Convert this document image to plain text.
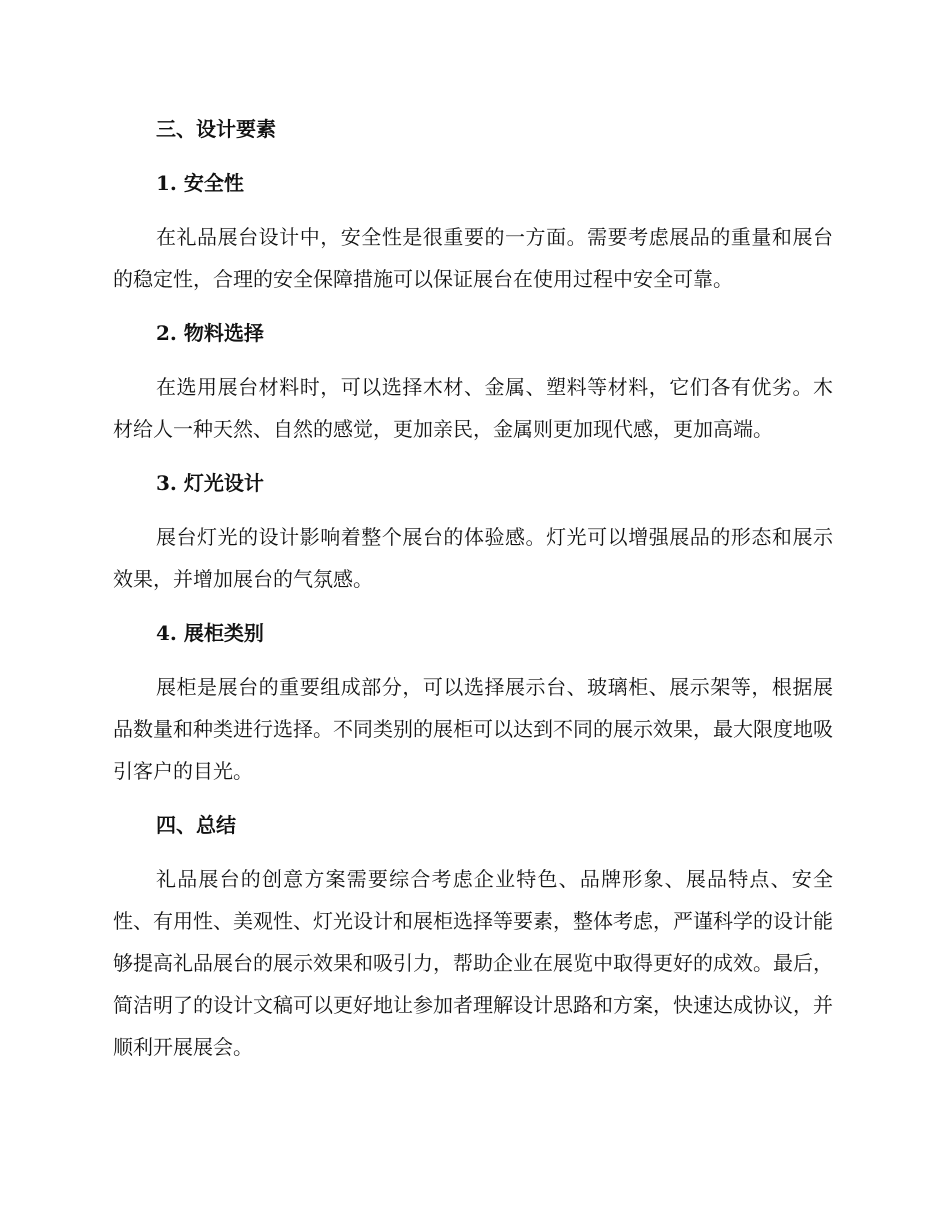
三、设计要素
1. 安全性

在礼品展台设计中，安全性是很重要的一方面。需要考虑展品的重量和展台的稳定性，合理的安全保障措施可以保证展台在使用过程中安全可靠。

2. 物料选择

在选用展台材料时，可以选择木材、金属、塑料等材料，它们各有优劣。木材给人一种天然、自然的感觉，更加亲民，金属则更加现代感，更加高端。

3. 灯光设计

展台灯光的设计影响着整个展台的体验感。灯光可以增强展品的形态和展示效果，并增加展台的气氛感。

4. 展柜类别

展柜是展台的重要组成部分，可以选择展示台、玻璃柜、展示架等，根据展品数量和种类进行选择。不同类别的展柜可以达到不同的展示效果，最大限度地吸引客户的目光。

四、总结

礼品展台的创意方案需要综合考虑企业特色、品牌形象、展品特点、安全性、有用性、美观性、灯光设计和展柜选择等要素，整体考虑，严谨科学的设计能够提高礼品展台的展示效果和吸引力，帮助企业在展览中取得更好的成效。最后，简洁明了的设计文稿可以更好地让参加者理解设计思路和方案，快速达成协议，并顺利开展展会。
